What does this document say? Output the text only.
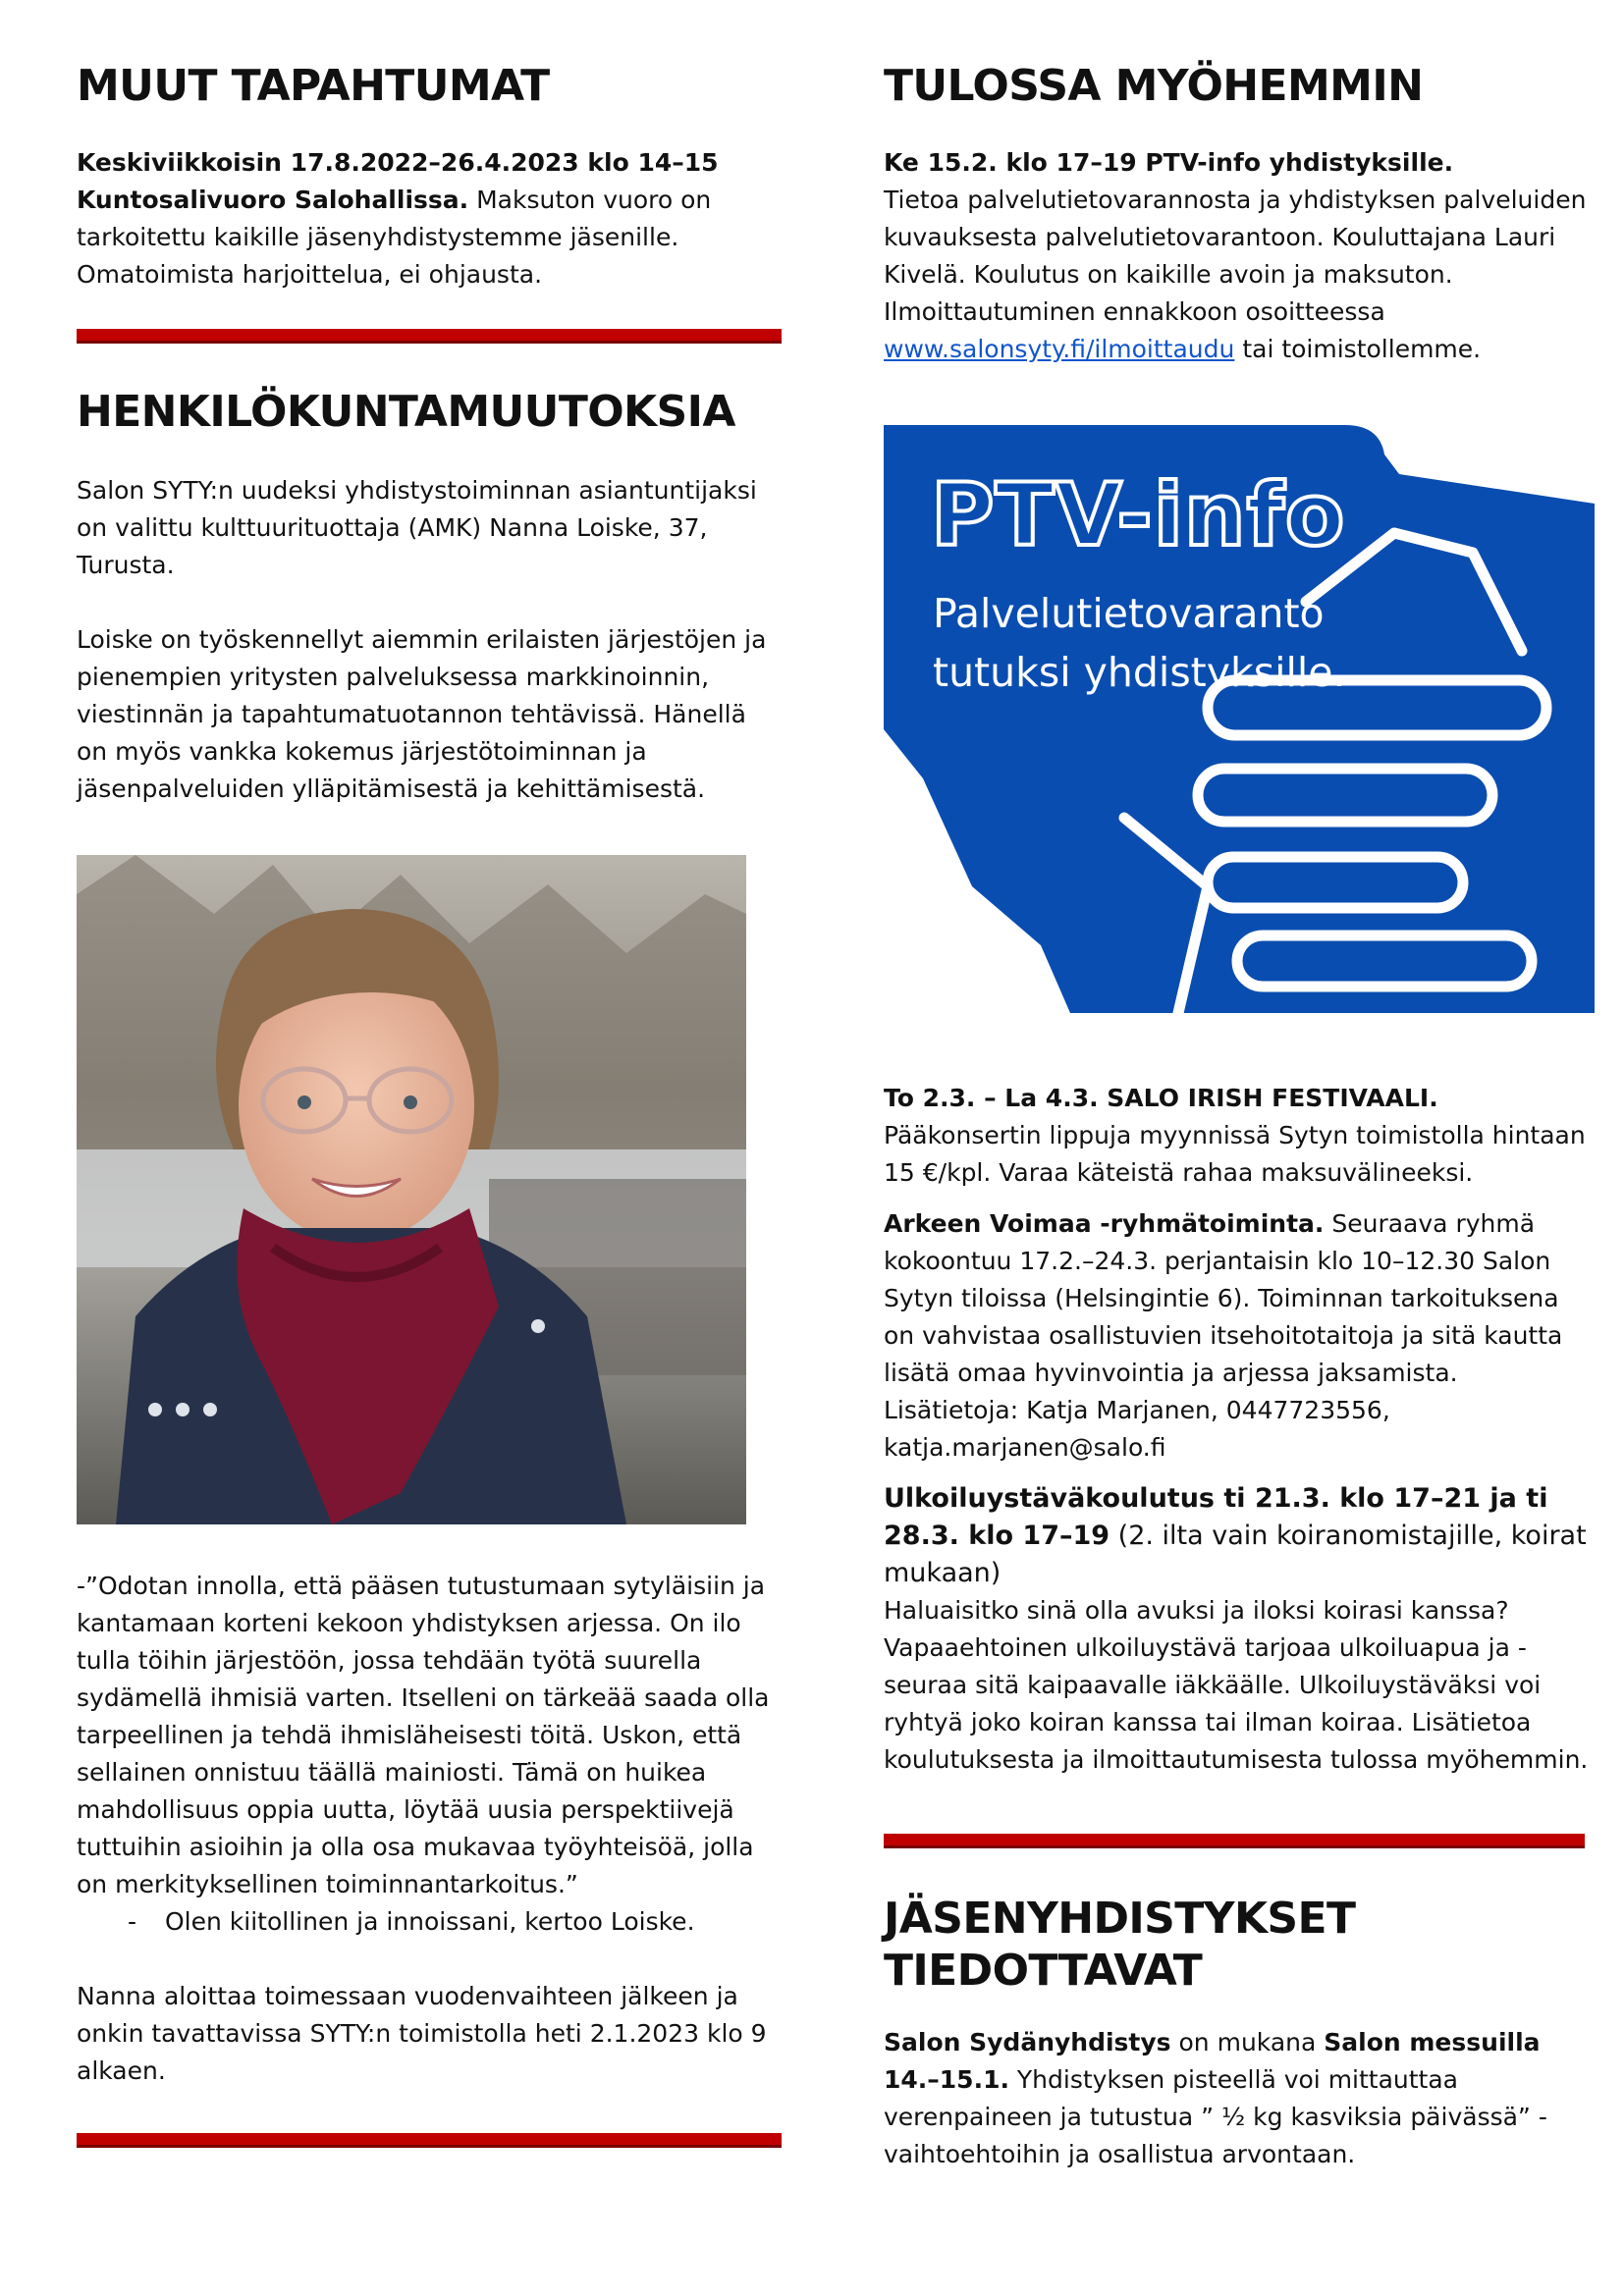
MUUT TAPAHTUMAT

Keskiviikkoisin 17.8.2022–26.4.2023 klo 14–15
Kuntosalivuoro Salohallissa. Maksuton vuoro on tarkoitettu kaikille jäsenyhdistystemme jäsenille. Omatoimista harjoittelua, ei ohjausta.

HENKILÖKUNTAMUUTOKSIA

Salon SYTY:n uudeksi yhdistystoiminnan asiantuntijaksi on valittu kulttuurituottaja (AMK) Nanna Loiske, 37, Turusta.

Loiske on työskennellyt aiemmin erilaisten järjestöjen ja pienempien yritysten palveluksessa markkinoinnin, viestinnän ja tapahtumatuotannon tehtävissä. Hänellä on myös vankka kokemus järjestötoiminnan ja jäsenpalveluiden ylläpitämisestä ja kehittämisestä.

-”Odotan innolla, että pääsen tutustumaan sytyläisiin ja kantamaan korteni kekoon yhdistyksen arjessa. On ilo tulla töihin järjestöön, jossa tehdään työtä suurella sydämellä ihmisiä varten. Itselleni on tärkeää saada olla tarpeellinen ja tehdä ihmisläheisesti töitä. Uskon, että sellainen onnistuu täällä mainiosti. Tämä on huikea mahdollisuus oppia uutta, löytää uusia perspektiivejä tuttuihin asioihin ja olla osa mukavaa työyhteisöä, jolla on merkityksellinen toiminnantarkoitus.”

-	Olen kiitollinen ja innoissani, kertoo Loiske.

Nanna aloittaa toimessaan vuodenvaihteen jälkeen ja onkin tavattavissa SYTY:n toimistolla heti 2.1.2023 klo 9 alkaen.

TULOSSA MYÖHEMMIN

Ke 15.2. klo 17–19 PTV-info yhdistyksille.
Tietoa palvelutietovarannosta ja yhdistyksen palveluiden kuvauksesta palvelutietovarantoon. Kouluttajana Lauri Kivelä. Koulutus on kaikille avoin ja maksuton. Ilmoittautuminen ennakkoon osoitteessa www.salonsyty.fi/ilmoittaudu tai toimistollemme.

PTV-info
Palvelutietovaranto
tutuksi yhdistyksille.

To 2.3. – La 4.3. SALO IRISH FESTIVAALI. Pääkonsertin lippuja myynnissä Sytyn toimistolla hintaan 15 €/kpl. Varaa käteistä rahaa maksuvälineeksi.

Arkeen Voimaa -ryhmätoiminta. Seuraava ryhmä kokoontuu 17.2.–24.3. perjantaisin klo 10–12.30 Salon Sytyn tiloissa (Helsingintie 6). Toiminnan tarkoituksena on vahvistaa osallistuvien itsehoitotaitoja ja sitä kautta lisätä omaa hyvinvointia ja arjessa jaksamista. Lisätietoja: Katja Marjanen, 0447723556, katja.marjanen@salo.fi

Ulkoiluystäväkoulutus ti 21.3. klo 17–21 ja ti 28.3. klo 17–19 (2. ilta vain koiranomistajille, koirat mukaan)

Haluaisitko sinä olla avuksi ja iloksi koirasi kanssa? Vapaaehtoinen ulkoiluystävä tarjoaa ulkoiluapua ja -seuraa sitä kaipaavalle iäkkäälle. Ulkoiluystäväksi voi ryhtyä joko koiran kanssa tai ilman koiraa. Lisätietoa koulutuksesta ja ilmoittautumisesta tulossa myöhemmin.

JÄSENYHDISTYKSET TIEDOTTAVAT

Salon Sydänyhdistys on mukana Salon messuilla 14.–15.1. Yhdistyksen pisteellä voi mittauttaa verenpaineen ja tutustua ” ½ kg kasviksia päivässä” -vaihtoehtoihin ja osallistua arvontaan.
